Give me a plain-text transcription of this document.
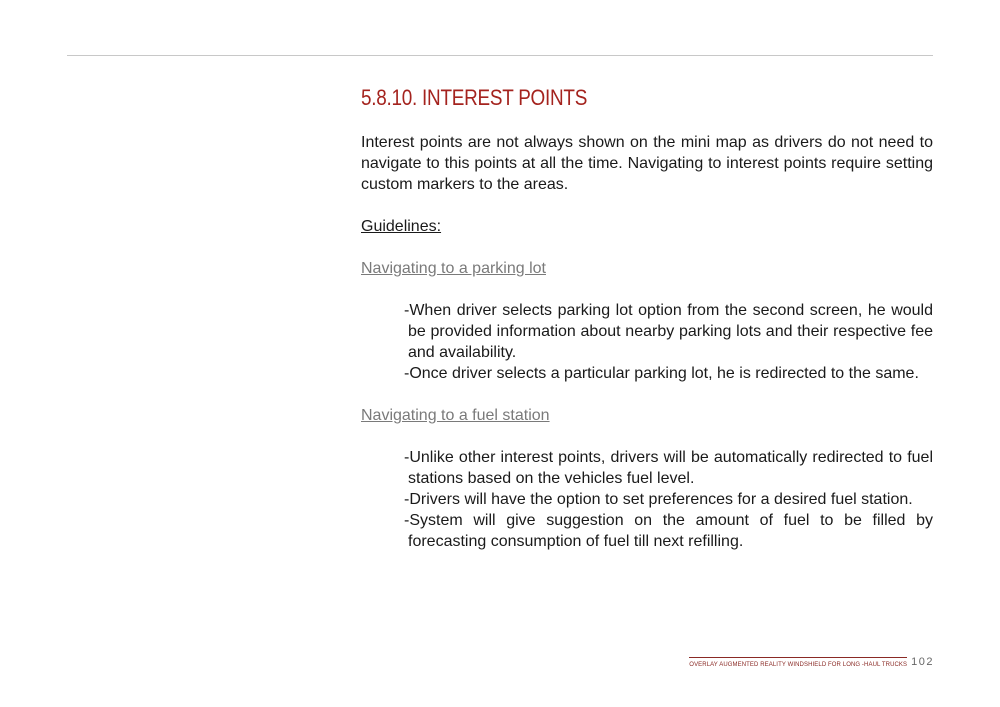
5.8.10. INTEREST POINTS

Interest points are not always shown on the mini map as drivers do not need to navigate to this points at all the time. Navigating to interest points require setting custom markers to the areas.

Guidelines:
Navigating to a parking lot
-When driver selects parking lot option from the second screen, he would be provided information about nearby parking lots and their respective fee and availability.
-Once driver selects a particular parking lot, he is redirected to the same.
Navigating to a fuel station
-Unlike other interest points, drivers will be automatically redirected to fuel stations based on the vehicles fuel level.
-Drivers will have the option to set preferences for a desired fuel station.
-System will give suggestion on the amount of fuel to be filled by forecasting consumption of fuel till next refilling.
OVERLAY AUGMENTED REALITY WINDSHIELD FOR LONG -HAUL TRUCKS 102
